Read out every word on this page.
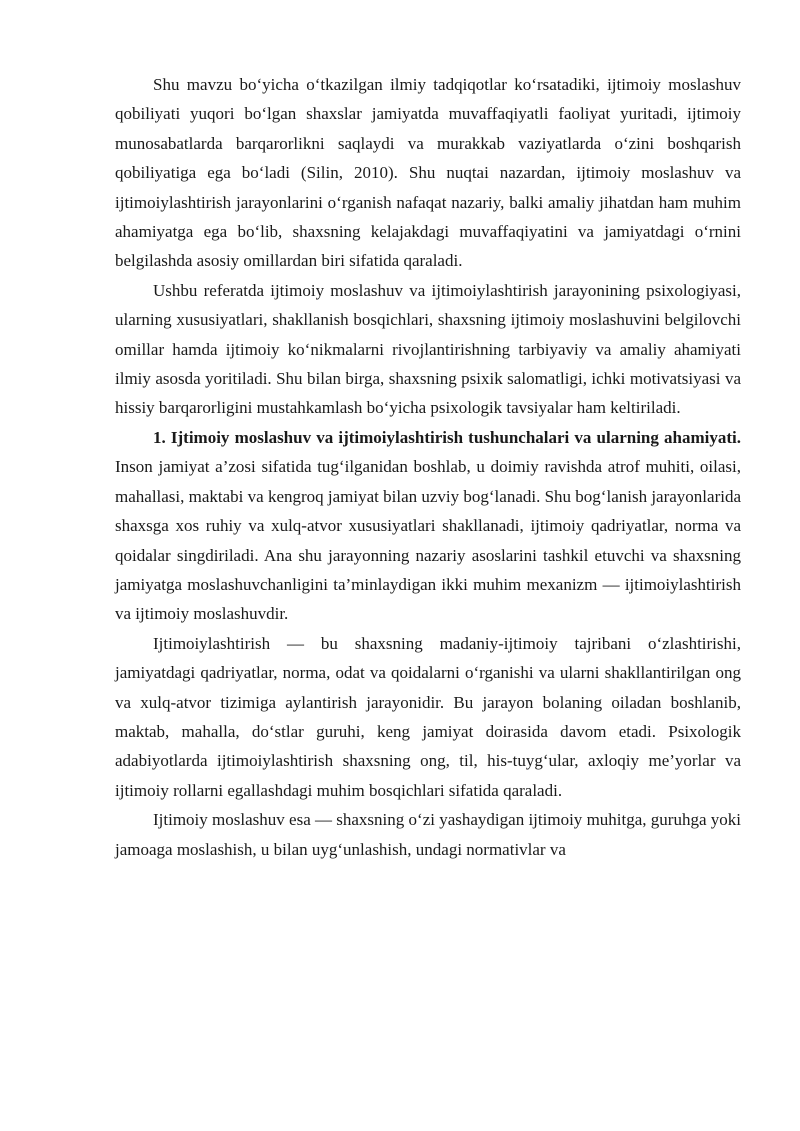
Shu mavzu boʻyicha oʻtkazilgan ilmiy tadqiqotlar koʻrsatadiki, ijtimoiy moslashuv qobiliyati yuqori boʻlgan shaxslar jamiyatda muvaffaqiyatli faoliyat yuritadi, ijtimoiy munosabatlarda barqarorlikni saqlaydi va murakkab vaziyatlarda oʻzini boshqarish qobiliyatiga ega boʻladi (Silin, 2010). Shu nuqtai nazardan, ijtimoiy moslashuv va ijtimoiylashtirish jarayonlarini oʻrganish nafaqat nazariy, balki amaliy jihatdan ham muhim ahamiyatga ega boʻlib, shaxsning kelajakdagi muvaffaqiyatini va jamiyatdagi oʻrnini belgilashda asosiy omillardan biri sifatida qaraladi.

Ushbu referatda ijtimoiy moslashuv va ijtimoiylashtirish jarayonining psixologiyasi, ularning xususiyatlari, shakllanish bosqichlari, shaxsning ijtimoiy moslashuvini belgilovchi omillar hamda ijtimoiy koʻnikmalarni rivojlantirishning tarbiyaviy va amaliy ahamiyati ilmiy asosda yoritiladi. Shu bilan birga, shaxsning psixik salomatligi, ichki motivatsiyasi va hissiy barqarorligini mustahkamlash boʻyicha psixologik tavsiyalar ham keltiriladi.

1. Ijtimoiy moslashuv va ijtimoiylashtirish tushunchalari va ularning ahamiyati. Inson jamiyat a’zosi sifatida tugʻilganidan boshlab, u doimiy ravishda atrof muhiti, oilasi, mahallasi, maktabi va kengroq jamiyat bilan uzviy bogʻlanadi. Shu bogʻlanish jarayonlarida shaxsga xos ruhiy va xulq-atvor xususiyatlari shakllanadi, ijtimoiy qadriyatlar, norma va qoidalar singdiriladi. Ana shu jarayonning nazariy asoslarini tashkil etuvchi va shaxsning jamiyatga moslashuvchanligini ta’minlaydigan ikki muhim mexanizm — ijtimoiylashtirish va ijtimoiy moslashuvdir.

Ijtimoiylashtirish — bu shaxsning madaniy-ijtimoiy tajribani oʻzlashtirishi, jamiyatdagi qadriyatlar, norma, odat va qoidalarni oʻrganishi va ularni shakllantirilgan ong va xulq-atvor tizimiga aylantirish jarayonidir. Bu jarayon bolaning oiladan boshlanib, maktab, mahalla, doʻstlar guruhi, keng jamiyat doirasida davom etadi. Psixologik adabiyotlarda ijtimoiylashtirish shaxsning ong, til, his-tuygʻular, axloqiy me’yorlar va ijtimoiy rollarni egallashdagi muhim bosqichlari sifatida qaraladi.

Ijtimoiy moslashuv esa — shaxsning oʻzi yashaydigan ijtimoiy muhitga, guruhga yoki jamoaga moslashish, u bilan uygʻunlashish, undagi normativlar va
